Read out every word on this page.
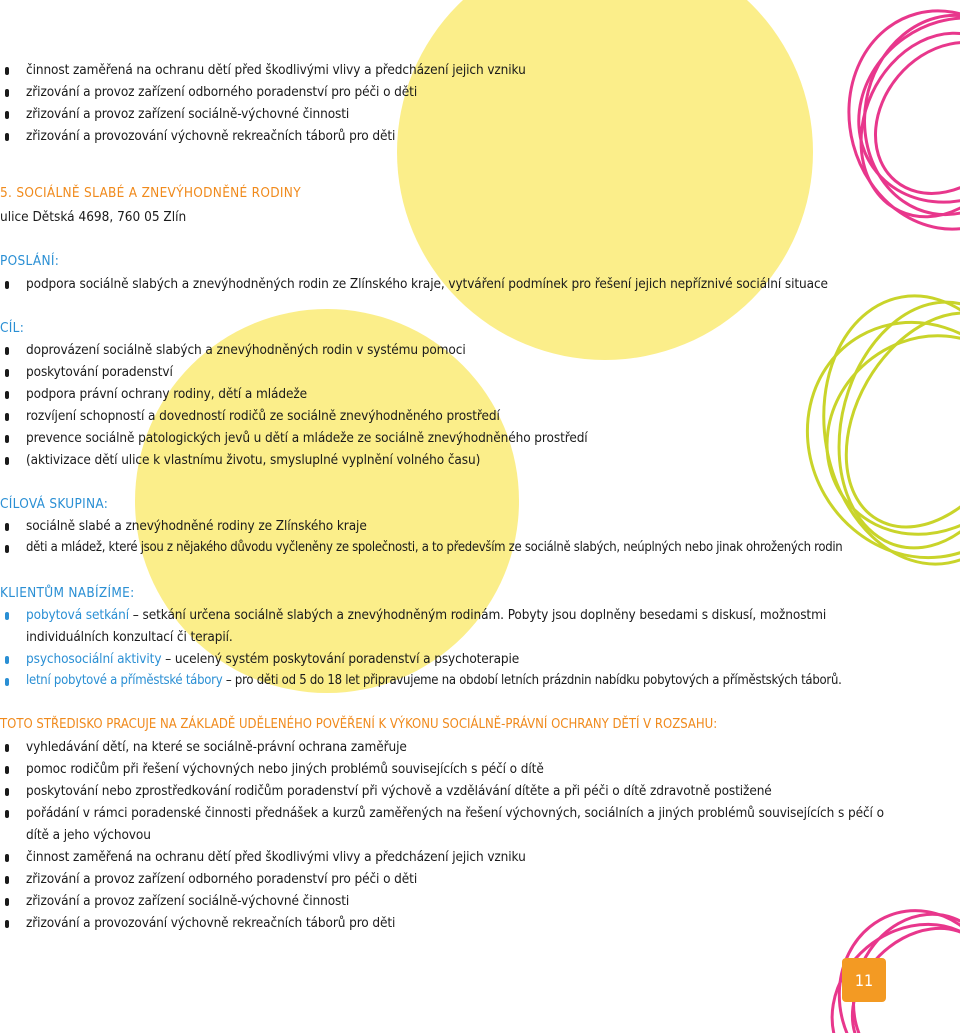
činnost zaměřená na ochranu dětí před škodlivými vlivy a předcházení jejich vzniku
zřizování a provoz zařízení odborného poradenství pro péči o děti
zřizování a provoz zařízení sociálně-výchovné činnosti
zřizování a provozování výchovně rekreačních táborů pro děti
5. SOCIÁLNĚ SLABÉ A ZNEVÝHODNĚNÉ RODINY
ulice Dětská 4698, 760 05 Zlín
POSLÁNÍ:
podpora sociálně slabých a znevýhodněných rodin ze Zlínského kraje, vytváření podmínek pro řešení jejich nepříznivé sociální situace
CÍL:
doprovázení sociálně slabých a znevýhodněných rodin v systému pomoci
poskytování poradenství
podpora právní ochrany rodiny, dětí a mládeže
rozvíjení schopností a dovedností rodičů ze sociálně znevýhodněného prostředí
prevence sociálně patologických jevů u dětí a mládeže ze sociálně znevýhodněného prostředí
(aktivizace dětí ulice k vlastnímu životu, smysluplné vyplnění volného času)
CÍLOVÁ SKUPINA:
sociálně slabé a znevýhodněné rodiny ze Zlínského kraje
děti a mládež, které jsou z nějakého důvodu vyčleněny ze společnosti, a to především ze sociálně slabých, neúplných nebo jinak ohrožených rodin
KLIENTŮM NABÍZÍME:
pobytová setkání – setkání určena sociálně slabých a znevýhodněným rodinám. Pobyty jsou doplněny besedami s diskusí, možnostmi individuálních konzultací či terapií.
psychosociální aktivity – ucelený systém poskytování poradenství a psychoterapie
letní pobytové a příměstské tábory – pro děti od 5 do 18 let připravujeme na období letních prázdnin nabídku pobytových a příměstských táborů.
TOTO STŘEDISKO PRACUJE NA ZÁKLADĚ UDĚLENÉHO POVĚŘENÍ K VÝKONU SOCIÁLNĚ-PRÁVNÍ OCHRANY DĚTÍ V ROZSAHU:
vyhledávání dětí, na které se sociálně-právní ochrana zaměřuje
pomoc rodičům při řešení výchovných nebo jiných problémů souvisejících s péčí o dítě
poskytování nebo zprostředkování rodičům poradenství při výchově a vzdělávání dítěte a při péči o dítě zdravotně postižené
pořádání v rámci poradenské činnosti přednášek a kurzů zaměřených na řešení výchovných, sociálních a jiných problémů souvisejících s péčí o dítě a jeho výchovou
činnost zaměřená na ochranu dětí před škodlivými vlivy a předcházení jejich vzniku
zřizování a provoz zařízení odborného poradenství pro péči o děti
zřizování a provoz zařízení sociálně-výchovné činnosti
zřizování a provozování výchovně rekreačních táborů pro děti
11
